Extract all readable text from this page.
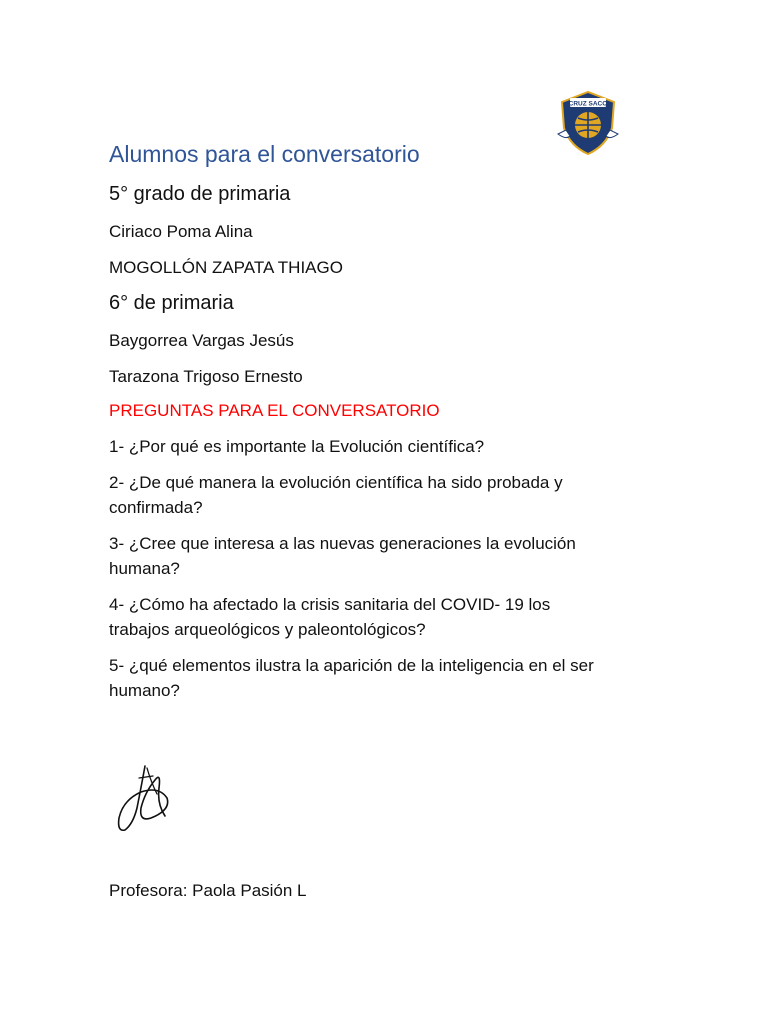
CRUZ SACO
Alumnos para el conversatorio
5° grado de primaria
Ciriaco Poma Alina
MOGOLLÓN ZAPATA THIAGO
6° de primaria
Baygorrea Vargas Jesús
Tarazona Trigoso Ernesto
PREGUNTAS PARA EL CONVERSATORIO
1- ¿Por qué es importante la Evolución científica?
2- ¿De qué manera la evolución científica ha sido probada y
confirmada?
3- ¿Cree que interesa a las nuevas generaciones la evolución
humana?
4- ¿Cómo ha afectado la crisis sanitaria del COVID- 19 los
trabajos arqueológicos y paleontológicos?
5- ¿qué elementos ilustra la aparición de la inteligencia en el ser
humano?
Profesora: Paola Pasión L
